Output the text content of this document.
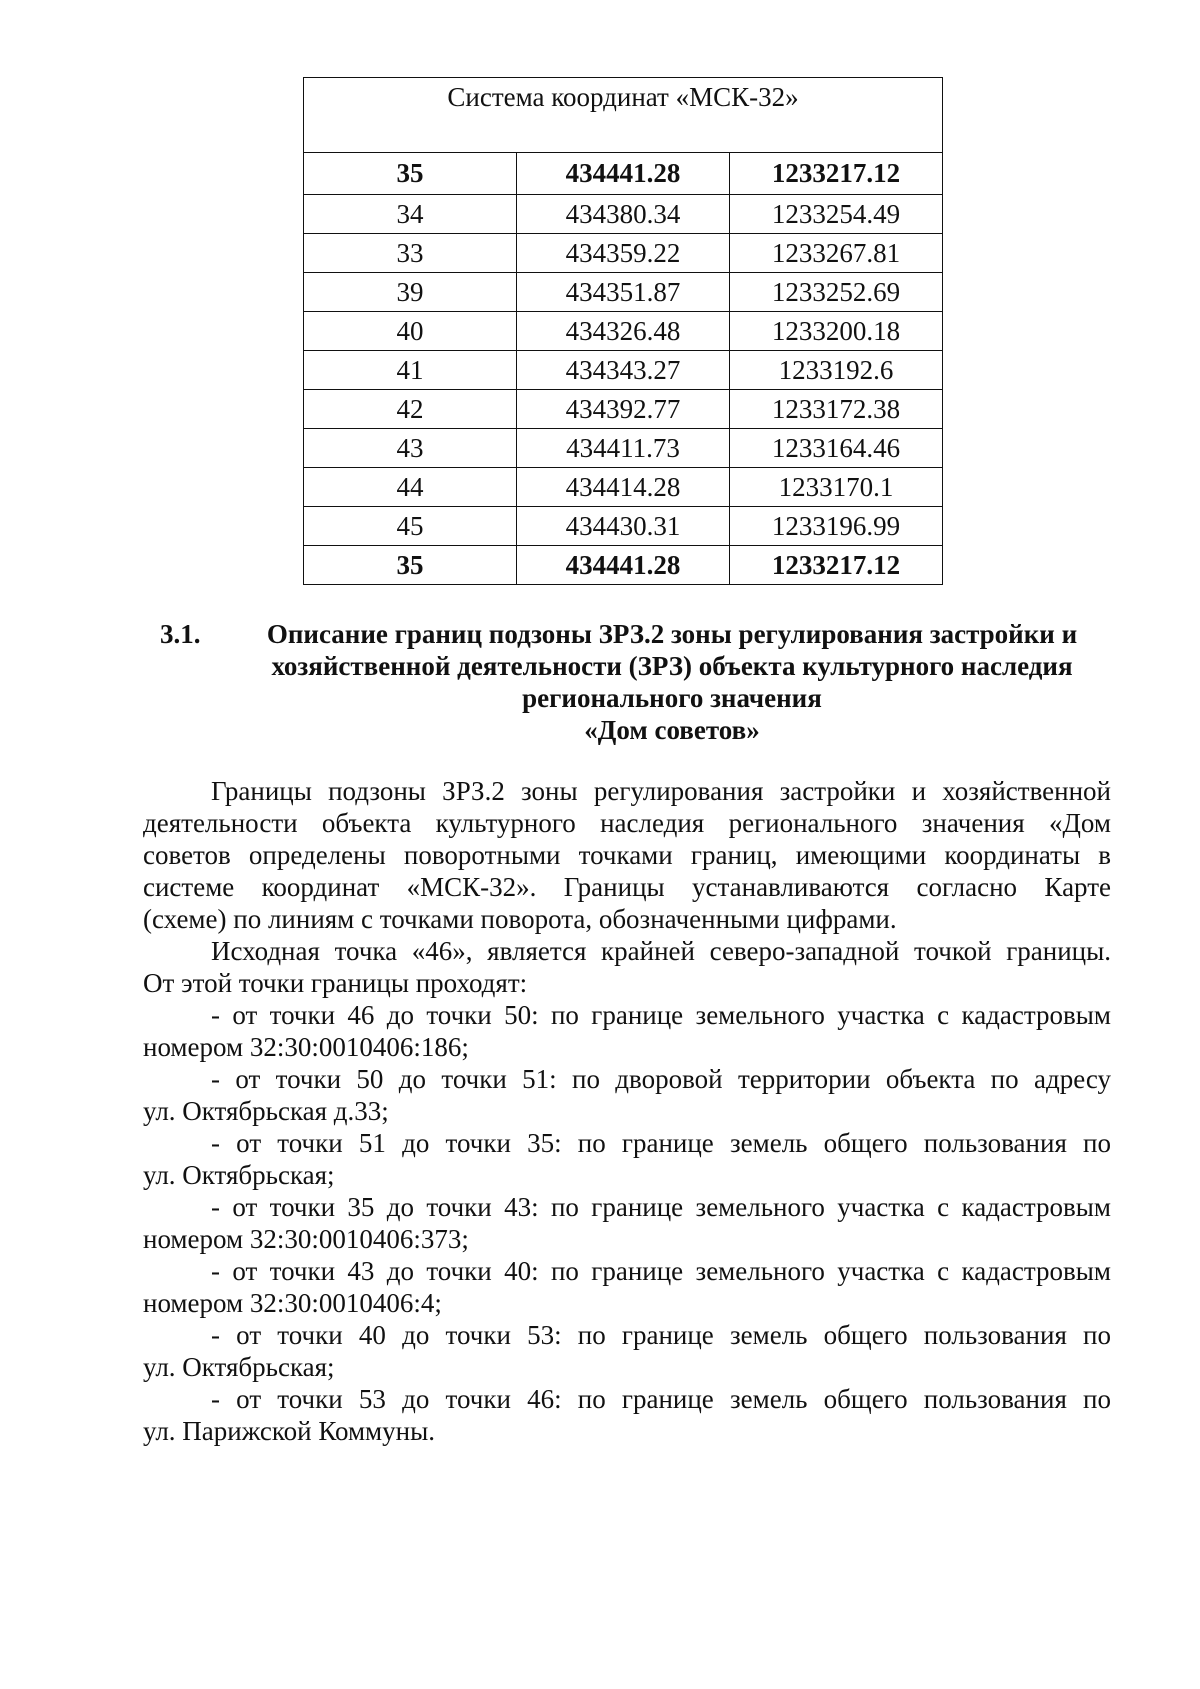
Система координат «МСК-32»		
35	434441.28	1233217.12
34	434380.34	1233254.49
33	434359.22	1233267.81
39	434351.87	1233252.69
40	434326.48	1233200.18
41	434343.27	1233192.6
42	434392.77	1233172.38
43	434411.73	1233164.46
44	434414.28	1233170.1
45	434430.31	1233196.99
35	434441.28	1233217.12
3.1.	Описание границ подзоны ЗРЗ.2 зоны регулирования застройки и
хозяйственной деятельности (ЗРЗ) объекта культурного наследия
регионального значения
«Дом советов»
Границы подзоны ЗРЗ.2 зоны регулирования застройки и хозяйственной
деятельности объекта культурного наследия регионального значения «Дом
советов определены поворотными точками границ, имеющими координаты в
системе координат «МСК-32». Границы устанавливаются согласно Карте
(схеме) по линиям с точками поворота, обозначенными цифрами.
Исходная точка «46», является крайней северо-западной точкой границы.
От этой точки границы проходят:
- от точки 46 до точки 50: по границе земельного участка с кадастровым
номером 32:30:0010406:186;
- от точки 50 до точки 51: по дворовой территории объекта по адресу
ул. Октябрьская д.33;
- от точки 51 до точки 35: по границе земель общего пользования по
ул. Октябрьская;
- от точки 35 до точки 43: по границе земельного участка с кадастровым
номером 32:30:0010406:373;
- от точки 43 до точки 40: по границе земельного участка с кадастровым
номером 32:30:0010406:4;
- от точки 40 до точки 53: по границе земель общего пользования по
ул. Октябрьская;
- от точки 53 до точки 46: по границе земель общего пользования по
ул. Парижской Коммуны.
